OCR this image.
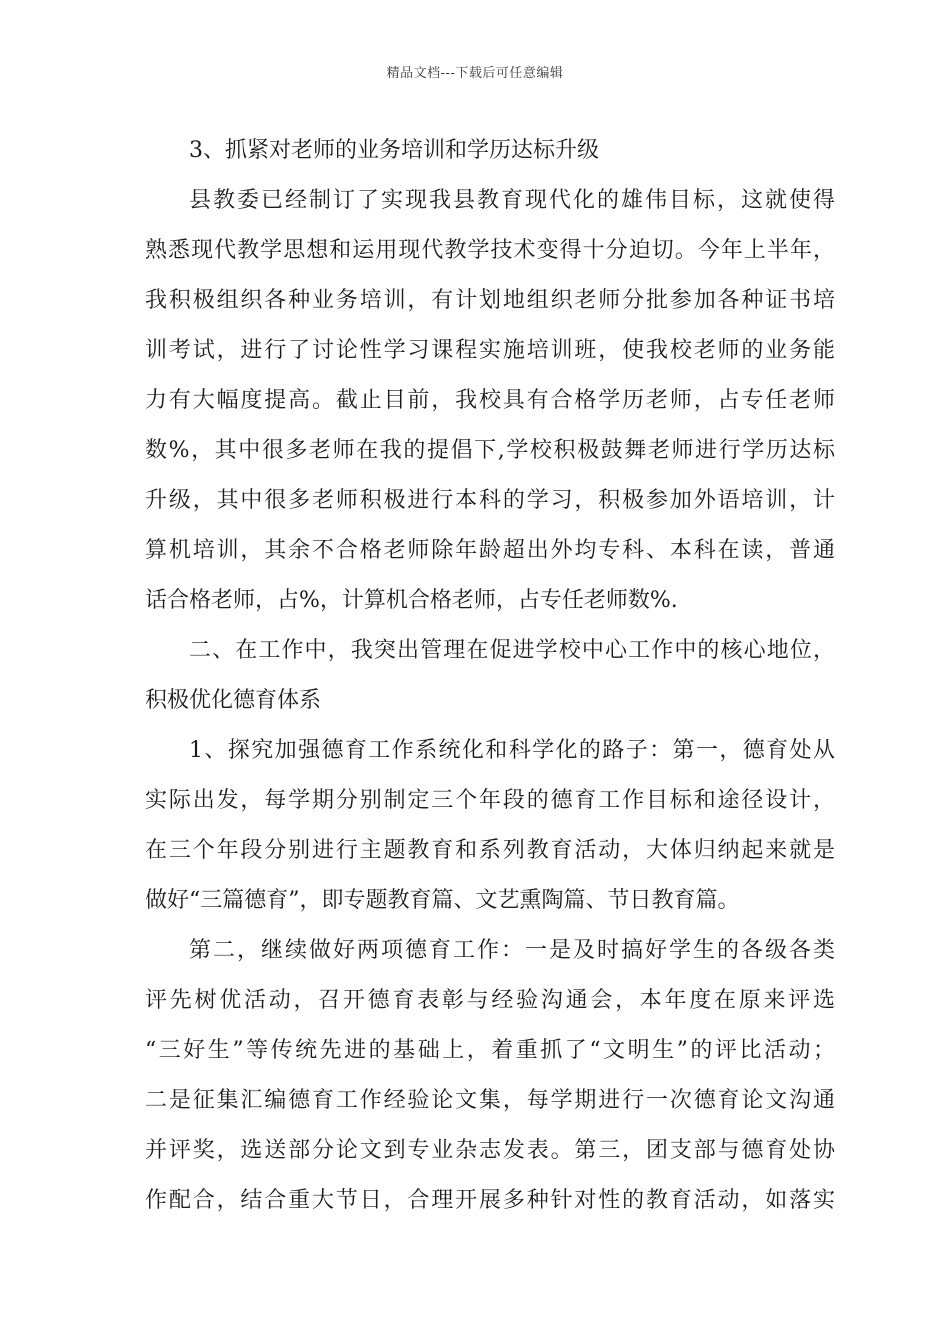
精品文档---下载后可任意编辑
3、抓紧对老师的业务培训和学历达标升级
县教委已经制订了实现我县教育现代化的雄伟目标，这就使得
熟悉现代教学思想和运用现代教学技术变得十分迫切。今年上半年，
我积极组织各种业务培训，有计划地组织老师分批参加各种证书培
训考试，进行了讨论性学习课程实施培训班，使我校老师的业务能
力有大幅度提高。截止目前，我校具有合格学历老师，占专任老师
数%，其中很多老师在我的提倡下,学校积极鼓舞老师进行学历达标
升级，其中很多老师积极进行本科的学习，积极参加外语培训，计
算机培训，其余不合格老师除年龄超出外均专科、本科在读，普通
话合格老师，占%，计算机合格老师，占专任老师数%.
二、在工作中，我突出管理在促进学校中心工作中的核心地位，
积极优化德育体系
1、探究加强德育工作系统化和科学化的路子：第一，德育处从
实际出发，每学期分别制定三个年段的德育工作目标和途径设计，
在三个年段分别进行主题教育和系列教育活动，大体归纳起来就是
做好“三篇德育”，即专题教育篇、文艺熏陶篇、节日教育篇。
第二，继续做好两项德育工作：一是及时搞好学生的各级各类
评先树优活动，召开德育表彰与经验沟通会，本年度在原来评选
“三好生”等传统先进的基础上，着重抓了“文明生”的评比活动；
二是征集汇编德育工作经验论文集，每学期进行一次德育论文沟通
并评奖，选送部分论文到专业杂志发表。第三，团支部与德育处协
作配合，结合重大节日，合理开展多种针对性的教育活动，如落实
